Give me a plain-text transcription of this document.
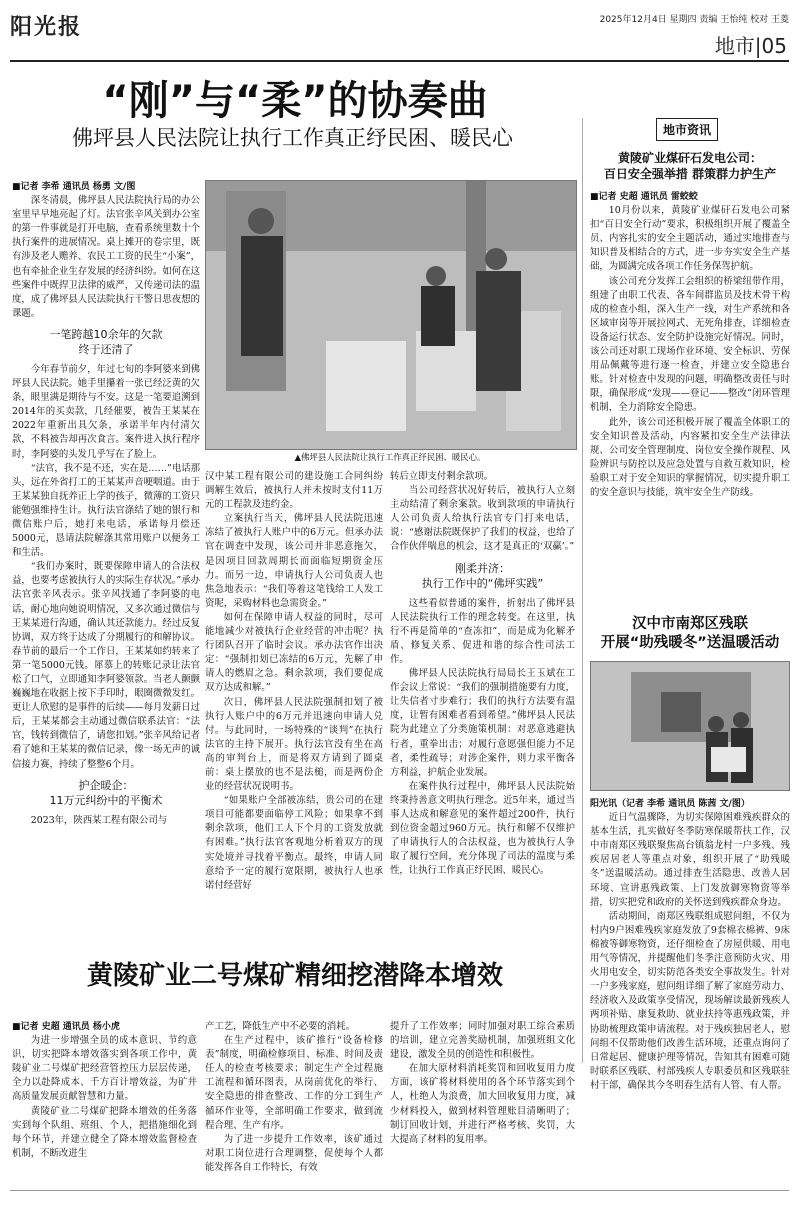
阳光报	2025年12月4日 星期四 责编 王怡纯 校对 王菱
地市|05
“刚”与“柔”的协奏曲
佛坪县人民法院让执行工作真正纾民困、暖民心

■记者 李希 通讯员 杨勇 文/图

深冬清晨，佛坪县人民法院执行局的办公室里早早地亮起了灯。法官张辛风关到办公室的第一件事就是打开电脑，查看系统里数十个执行案件的进展情况。桌上摊开的卷宗里，既有涉及老人赡养、农民工工资的民生“小案”，也有牵扯企业生存发展的经济纠纷。如何在这些案件中既捍卫法律的威严，又传递司法的温度，成了佛坪县人民法院执行干警日思夜想的课题。

一笔跨越10余年的欠款
终于还清了

今年春节前夕，年过七旬的李阿婆来到佛坪县人民法院。她手里攥着一张已经泛黄的欠条，眼里满是期待与不安。这是一笔要追溯到2014年的买卖款，几经催要，被告王某某在2022年重新出具欠条，承诺半年内付清欠款，不料被告却再次食言。案件进入执行程序时，李阿婆的头发几乎写在了脸上。

“法官，我不是不还，实在是……”电话那头，远在外省打工的王某某声音哽咽道。由于王某某独自抚养正上学的孩子，微薄的工资只能勉强维持生计。执行法官涤结了她的银行和微信账户后，她打来电话，承诺每月偿还5000元，恳请法院解涤其常用账户以便务工和生活。

“我们办案时，既要保障申请人的合法权益，也要考虑被执行人的实际生存状况。”承办法官张辛风表示。张辛风找通了李阿婆的电话，耐心地向她说明情况，又多次通过微信与王某某进行沟通，确认其还款能力。经过反复协调，双方终于达成了分期履行的和解协议。春节前的最后一个工作日，王某某如约转来了第一笔5000元钱。犀慕上的转账记录让法官松了口气，立即通知李阿婆领款。当老人颤颤巍巍地在收据上按下手印时，眼圈微微发红。更让人欣慰的是事件的后续——每月发薪日过后，王某某都会主动通过微信联系法官：“法官，钱转到微信了，请您扣划。”张辛风给记者看了她和王某某的微信记录，像一场无声的诚信接力赛，持续了整整6个月。

护企暖企：
11万元纠纷中的平衡术

2023年，陕西某工程有限公司与

▲佛坪县人民法院让执行工作真正纾民困、暖民心。

汉中某工程有限公司的建设施工合同纠纷调解生效后，被执行人并未按时支付11万元的工程款及违约金。

立案执行当天，佛坪县人民法院迅速冻结了被执行人账户中的6万元。但承办法官在调查中发现，该公司并非恶意拖欠，是因项目回款周期长而面临短期资金压力。而另一边，申请执行人公司负责人也焦急地表示：“我们等着这笔钱给工人发工资呢，采购材料也急需资金。”

如何在保障申请人权益的同时，尽可能地减少对被执行企业经营的冲击呢？执行团队召开了临时会议。承办法官作出决定：“强制扣划已冻结的6万元，先解了申请人的燃眉之急。剩余款项，我们要促成双方达成和解。”

次日，佛坪县人民法院强制扣划了被执行人账户中的6万元并迅速向申请人兑付。与此同时，一场特殊的“谈判”在执行法官的主持下展开。执行法官没有坐在高高的审判台上，而是将双方请到了圆桌前：桌上摆放的也不是法槌，而是两份企业的经营状况说明书。

“如果账户全部被冻结，贵公司的在建项目可能都要面临停工风险；如果拿不到剩余款项，他们工人下个月的工资发放就有困难。”执行法官客观地分析着双方的现实处境并寻找着平衡点。最终，申请人同意给予一定的履行宽限期，被执行人也承诺付经营好

转后立即支付剩余款项。

当公司经营状况好转后，被执行人立刻主动结清了剩余案款。收到款项的申请执行人公司负责人给执行法官专门打来电话，说：“感谢法院既保护了我们的权益，也给了合作伙伴喘息的机会，这才是真正的‘双赢’。”

刚柔并济：
执行工作中的“佛坪实践”

这些看似普通的案件，折射出了佛坪县人民法院执行工作的理念转变。在这里，执行不再是简单的“查冻扣”，而是成为化解矛盾、修复关系、促进和谐的综合性司法工作。

佛坪县人民法院执行局局长王玉斌在工作会议上常说：“我们的强制措施要有力度，让失信者寸步难行；我们的执行方法要有温度，让暂有困难者看到希望。”佛坪县人民法院为此建立了分类施策机制：对恶意逃避执行者，重拳出击；对履行意愿强但能力不足者，柔性疏导；对涉企案件，则力求平衡各方利益，护航企业发展。

在案件执行过程中，佛坪县人民法院始终秉持善意文明执行理念。近5年来，通过当事人达成和解意见的案件超过200件，执行到位资金超过960万元。执行和解不仅维护了申请执行人的合法权益，也为被执行人争取了履行空间，充分体现了司法的温度与柔性，让执行工作真正纾民困、暖民心。

地市资讯
黄陵矿业煤矸石发电公司：
百日安全强举措 群策群力护生产

■记者 史超 通讯员 雷蛟蛟

10月份以来，黄陵矿业煤矸石发电公司紧扣“百日安全行动”要求，积极组织开展了覆盖全员、内容扎实的安全主题活动，通过实地排查与知识普及相结合的方式，进一步夯实安全生产基础，为圆满完成各项工作任务保驾护航。

该公司充分发挥工会组织的桥梁纽带作用，组建了由职工代表、各车间群监员及技术骨干构成的检查小组，深入生产一线，对生产系统和各区域审岗等开展拉网式、无死角排查，详细检查设备运行状态、安全防护设施完好情况。同时，该公司还对职工现场作业环境、安全标识、劳保用品佩戴等进行逐一检查，并建立安全隐患台账。针对检查中发现的问题，明确整改责任与时限，确保形成“发现——登记——整改”闭环管理机制，全力消除安全隐患。

此外，该公司还积极开展了覆盖全体职工的安全知识普及活动，内容紧扣安全生产法律法规、公司安全管理制度、岗位安全操作规程、风险辨识与防控以及应急处置与自救互救知识，检验职工对于安全知识的掌握情况，切实提升职工的安全意识与技能，筑牢安全生产防线。

汉中市南郑区残联
开展“助残暖冬”送温暖活动

阳光讯（记者 李希 通讯员 陈茜 文/图）

近日气温骤降，为切实保障困难残疾群众的基本生活，扎实做好冬季防寒保暖帮扶工作，汉中市南郑区残联聚焦高台镇翁龙村一户多残、残疾居居老人等重点对象，组织开展了“助残暖冬”送温暖活动。通过排查生活隐患、改善人居环境、宣讲惠残政策、上门发放御寒物资等举措，切实把党和政府的关怀送到残疾群众身边。

活动期间，南郑区残联组成慰问组，不仅为村内9户困难残疾家庭发放了9套棉衣棉裤、9床棉被等御寒物资，还仔细检查了房屋供暖、用电用气等情况，并提醒他们冬季注意预防火灾、用火用电安全，切实防范各类安全事故发生。针对一户多残家庭，慰问组详细了解了家庭劳动力、经济收入及政策享受情况，现场解读最新残疾人两项补贴、康复救助、就业扶持等惠残政策，并协助梳理政策申请流程。对于残疾独居老人，慰问组不仅帮助他们改善生活环境，还重点询问了日常起居、健康护理等情况，告知其有困难可随时联系区残联、村部残疾人专职委员和区残联驻村干部，确保其今冬明春生活有人管、有人帮。

黄陵矿业二号煤矿精细挖潜降本增效

■记者 史超 通讯员 杨小虎

为进一步增强全员的成本意识、节约意识，切实把降本增效落实到各项工作中，黄陵矿业二号煤矿把经营管控压力层层传递，全力以赴降成本、千方百计增效益，为矿井高质量发展贡献智慧和力量。

黄陵矿业二号煤矿把降本增效的任务落实到每个队组、班组、个人，把措施细化到每个环节，并建立健全了降本增效监督检查机制，不断改进生

产工艺，降低生产中不必要的消耗。

在生产过程中，该矿推行“设备检修表”制度，明确检修项目、标准、时间及责任人的检查考核要求；制定生产全过程施工流程和循环图表，从岗前优化的举行、安全隐患的排查整改、工作的分工到生产循环作业等，全部明确工作要求，做到流程合理、生产有序。

为了进一步提升工作效率，该矿通过对职工岗位进行合理调整，促使每个人都能发挥各自工作特长，有效

提升了工作效率；同时加强对职工综合素质的培训，建立完善奖励机制，加强班组文化建设，激发全员的创造性和积极性。

在加大原材料消耗奖罚和回收复用力度方面，该矿将材料使用的各个环节落实到个人，杜绝人为浪费，加大回收复用力度，减少材料投入，做到材料管理账目清晰明了；制订回收计划，并进行严格考核、奖罚，大大提高了材料的复用率。
